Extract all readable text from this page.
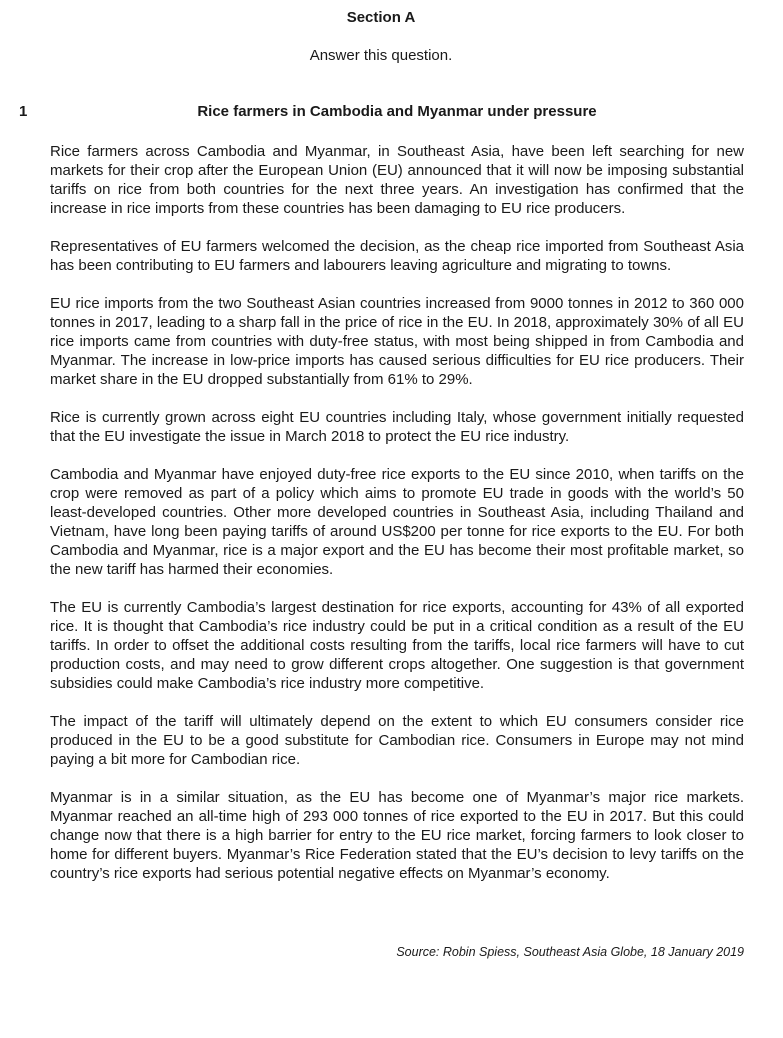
Section A
Answer this question.
1	Rice farmers in Cambodia and Myanmar under pressure

Rice farmers across Cambodia and Myanmar, in Southeast Asia, have been left searching for new markets for their crop after the European Union (EU) announced that it will now be imposing substantial tariffs on rice from both countries for the next three years. An investigation has confirmed that the increase in rice imports from these countries has been damaging to EU rice producers.

Representatives of EU farmers welcomed the decision, as the cheap rice imported from Southeast Asia has been contributing to EU farmers and labourers leaving agriculture and migrating to towns.

EU rice imports from the two Southeast Asian countries increased from 9000 tonnes in 2012 to 360 000 tonnes in 2017, leading to a sharp fall in the price of rice in the EU. In 2018, approximately 30% of all EU rice imports came from countries with duty-free status, with most being shipped in from Cambodia and Myanmar. The increase in low-price imports has caused serious difficulties for EU rice producers. Their market share in the EU dropped substantially from 61% to 29%.

Rice is currently grown across eight EU countries including Italy, whose government initially requested that the EU investigate the issue in March 2018 to protect the EU rice industry.

Cambodia and Myanmar have enjoyed duty-free rice exports to the EU since 2010, when tariffs on the crop were removed as part of a policy which aims to promote EU trade in goods with the world’s 50 least-developed countries. Other more developed countries in Southeast Asia, including Thailand and Vietnam, have long been paying tariffs of around US$200 per tonne for rice exports to the EU. For both Cambodia and Myanmar, rice is a major export and the EU has become their most profitable market, so the new tariff has harmed their economies.

The EU is currently Cambodia’s largest destination for rice exports, accounting for 43% of all exported rice. It is thought that Cambodia’s rice industry could be put in a critical condition as a result of the EU tariffs. In order to offset the additional costs resulting from the tariffs, local rice farmers will have to cut production costs, and may need to grow different crops altogether. One suggestion is that government subsidies could make Cambodia’s rice industry more competitive.

The impact of the tariff will ultimately depend on the extent to which EU consumers consider rice produced in the EU to be a good substitute for Cambodian rice. Consumers in Europe may not mind paying a bit more for Cambodian rice.

Myanmar is in a similar situation, as the EU has become one of Myanmar’s major rice markets. Myanmar reached an all-time high of 293 000 tonnes of rice exported to the EU in 2017. But this could change now that there is a high barrier for entry to the EU rice market, forcing farmers to look closer to home for different buyers. Myanmar’s Rice Federation stated that the EU’s decision to levy tariffs on the country’s rice exports had serious potential negative effects on Myanmar’s economy.

Source: Robin Spiess, Southeast Asia Globe, 18 January 2019
